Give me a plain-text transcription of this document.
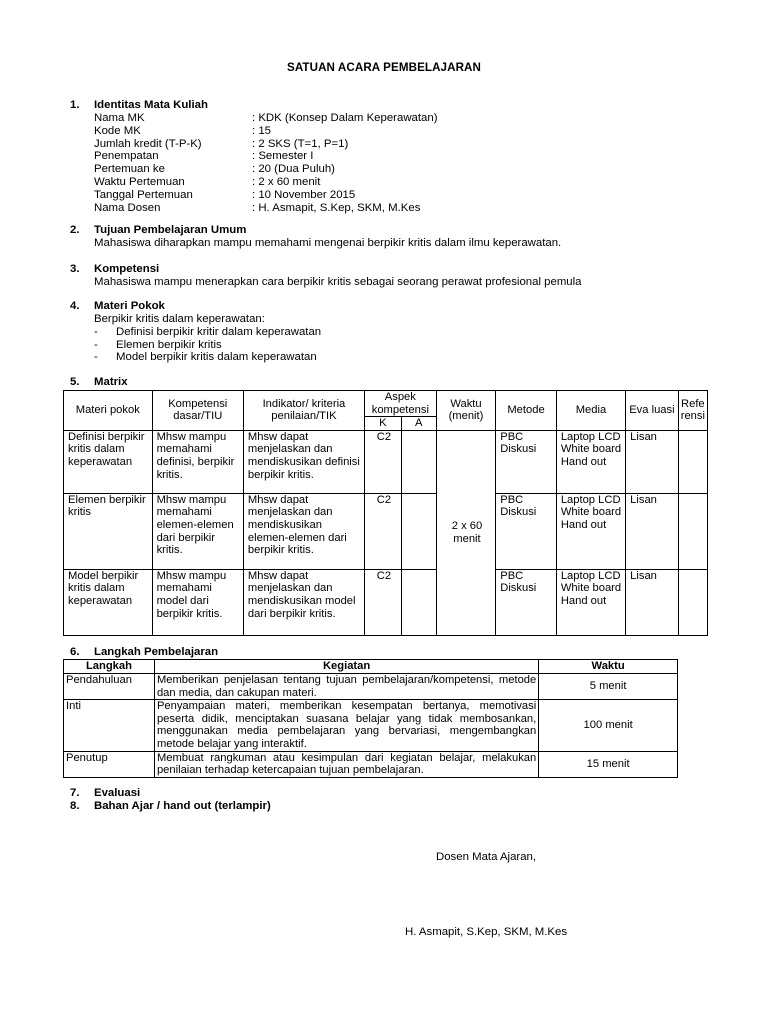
SATUAN ACARA PEMBELAJARAN
1. Identitas Mata Kuliah
Nama MK	: KDK (Konsep Dalam Keperawatan)
Kode MK	: 15
Jumlah kredit (T-P-K)	: 2 SKS (T=1, P=1)
Penempatan	: Semester I
Pertemuan ke	: 20 (Dua Puluh)
Waktu Pertemuan	: 2 x 60 menit
Tanggal Pertemuan	: 10 November 2015
Nama Dosen	: H. Asmapit, S.Kep, SKM, M.Kes
2. Tujuan Pembelajaran Umum
Mahasiswa diharapkan mampu memahami mengenai berpikir kritis dalam ilmu keperawatan.
3. Kompetensi
Mahasiswa mampu menerapkan cara berpikir kritis sebagai seorang perawat profesional pemula
4. Materi Pokok
Berpikir kritis dalam keperawatan:
- Definisi berpikir kritir dalam keperawatan
- Elemen berpikir kritis
- Model berpikir kritis dalam keperawatan
5. Matrix
Materi pokok	Kompetensi dasar/TIU	Indikator/ kriteria penilaian/TIK	Aspek kompetensi		Waktu (menit)	Metode	Media	Eva luasi	Refe rensi
			K	A					
Definisi berpikir kritis dalam keperawatan	Mhsw mampu memahami definisi, berpikir kritis.	Mhsw dapat menjelaskan dan mendiskusikan definisi berpikir kritis.	C2		2 x 60 menit	PBC Diskusi	Laptop LCD White board Hand out	Lisan	
Elemen berpikir kritis	Mhsw mampu memahami elemen-elemen dari berpikir kritis.	Mhsw dapat menjelaskan dan mendiskusikan elemen-elemen dari berpikir kritis.	C2			PBC Diskusi	Laptop LCD White board Hand out	Lisan	
Model berpikir kritis dalam keperawatan	Mhsw mampu memahami model dari berpikir kritis.	Mhsw dapat menjelaskan dan mendiskusikan model dari berpikir kritis.	C2			PBC Diskusi	Laptop LCD White board Hand out	Lisan	
6. Langkah Pembelajaran
Langkah	Kegiatan	Waktu
Pendahuluan	Memberikan penjelasan tentang tujuan pembelajaran/kompetensi, metode dan media, dan cakupan materi.	5 menit
Inti	Penyampaian materi, memberikan kesempatan bertanya, memotivasi peserta didik, menciptakan suasana belajar yang tidak membosankan, menggunakan media pembelajaran yang bervariasi, mengembangkan metode belajar yang interaktif.	100 menit
Penutup	Membuat rangkuman atau kesimpulan dari kegiatan belajar, melakukan penilaian terhadap ketercapaian tujuan pembelajaran.	15 menit
7. Evaluasi
8. Bahan Ajar / hand out (terlampir)
Dosen Mata Ajaran,
H. Asmapit, S.Kep, SKM, M.Kes
